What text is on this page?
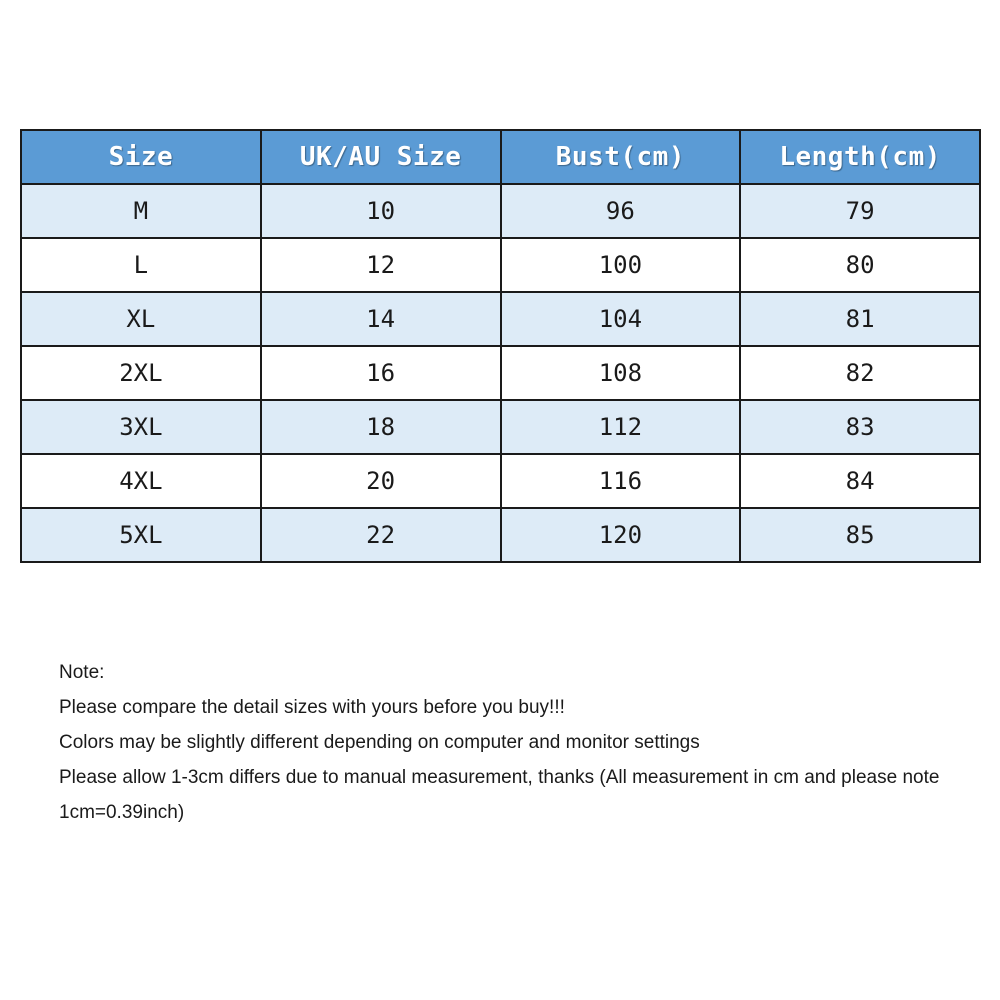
Size	UK/AU Size	Bust(cm)	Length(cm)
M	10	96	79
L	12	100	80
XL	14	104	81
2XL	16	108	82
3XL	18	112	83
4XL	20	116	84
5XL	22	120	85

Note:

Please compare the detail sizes with yours before you buy!!!

Colors may be slightly different depending on computer and monitor settings

Please allow 1-3cm differs due to manual measurement, thanks (All measurement in cm and please note 1cm=0.39inch)
